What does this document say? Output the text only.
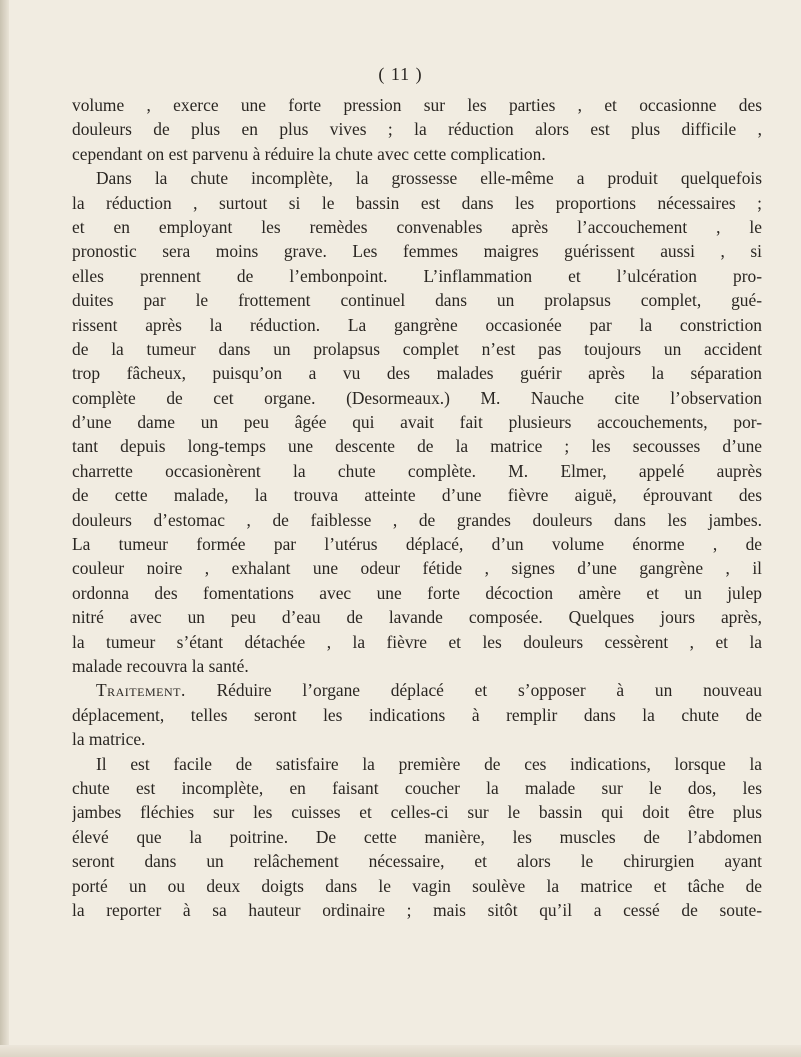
( 11 )
volume , exerce une forte pression sur les parties , et occasionne des
douleurs de plus en plus vives ; la réduction alors est plus difficile ,
cependant on est parvenu à réduire la chute avec cette complication.
Dans la chute incomplète, la grossesse elle-même a produit quelquefois
la réduction , surtout si le bassin est dans les proportions nécessaires ;
et en employant les remèdes convenables après l’accouchement , le
pronostic sera moins grave. Les femmes maigres guérissent aussi , si
elles prennent de l’embonpoint. L’inflammation et l’ulcération pro-
duites par le frottement continuel dans un prolapsus complet, gué-
rissent après la réduction. La gangrène occasionée par la constriction
de la tumeur dans un prolapsus complet n’est pas toujours un accident
trop fâcheux, puisqu’on a vu des malades guérir après la séparation
complète de cet organe. (Desormeaux.) M. Nauche cite l’observation
d’une dame un peu âgée qui avait fait plusieurs accouchements, por-
tant depuis long-temps une descente de la matrice ; les secousses d’une
charrette occasionèrent la chute complète. M. Elmer, appelé auprès
de cette malade, la trouva atteinte d’une fièvre aiguë, éprouvant des
douleurs d’estomac , de faiblesse , de grandes douleurs dans les jambes.
La tumeur formée par l’utérus déplacé, d’un volume énorme , de
couleur noire , exhalant une odeur fétide , signes d’une gangrène , il
ordonna des fomentations avec une forte décoction amère et un julep
nitré avec un peu d’eau de lavande composée. Quelques jours après,
la tumeur s’étant détachée , la fièvre et les douleurs cessèrent , et la
malade recouvra la santé.
Traitement. Réduire l’organe déplacé et s’opposer à un nouveau
déplacement, telles seront les indications à remplir dans la chute de
la matrice.
Il est facile de satisfaire la première de ces indications, lorsque la
chute est incomplète, en faisant coucher la malade sur le dos, les
jambes fléchies sur les cuisses et celles-ci sur le bassin qui doit être plus
élevé que la poitrine. De cette manière, les muscles de l’abdomen
seront dans un relâchement nécessaire, et alors le chirurgien ayant
porté un ou deux doigts dans le vagin soulève la matrice et tâche de
la reporter à sa hauteur ordinaire ; mais sitôt qu’il a cessé de soute-
